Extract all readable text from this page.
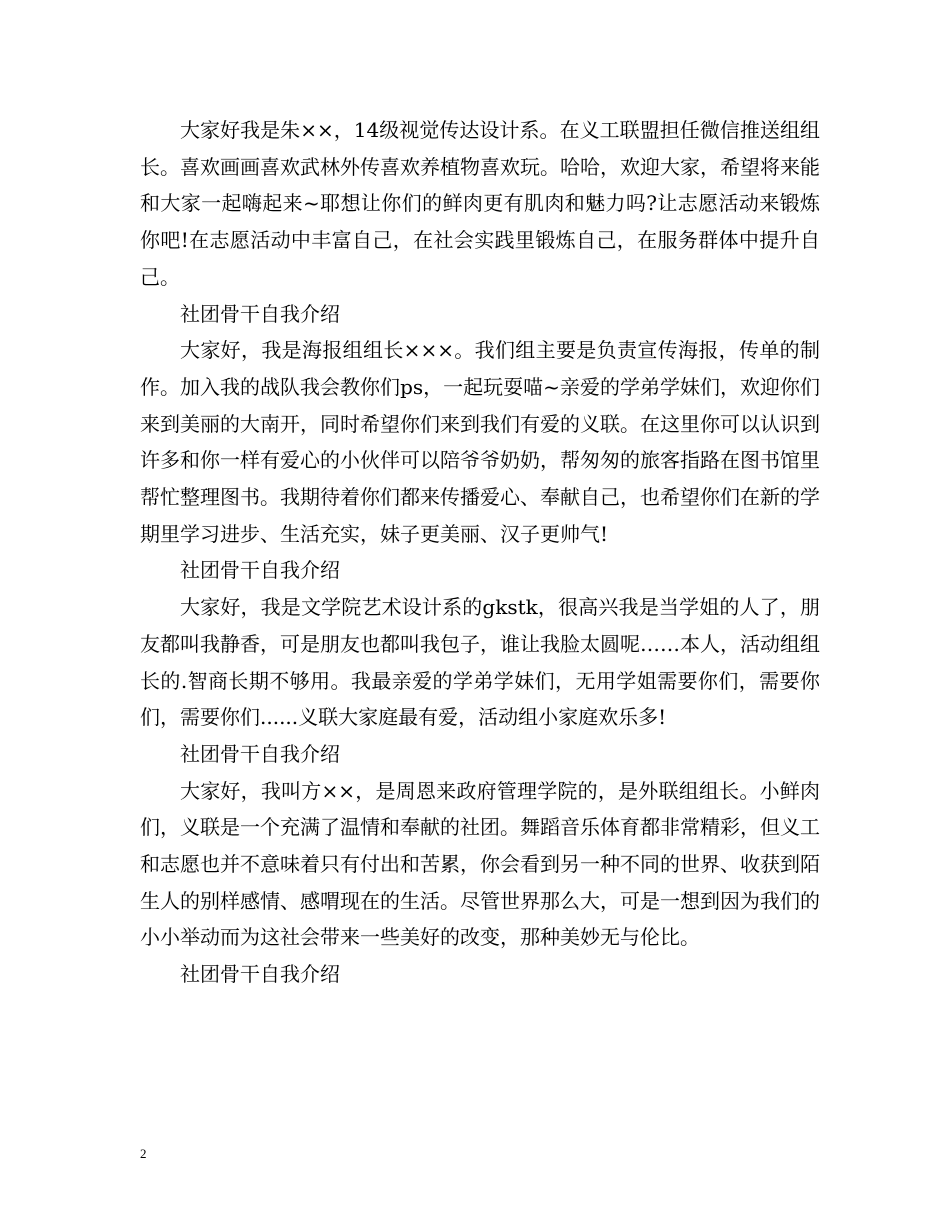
大家好我是朱××，14级视觉传达设计系。在义工联盟担任微信推送组组长。喜欢画画喜欢武林外传喜欢养植物喜欢玩。哈哈，欢迎大家，希望将来能和大家一起嗨起来~耶想让你们的鲜肉更有肌肉和魅力吗?让志愿活动来锻炼你吧!在志愿活动中丰富自己，在社会实践里锻炼自己，在服务群体中提升自己。

社团骨干自我介绍

大家好，我是海报组组长×××。我们组主要是负责宣传海报，传单的制作。加入我的战队我会教你们ps，一起玩耍喵~亲爱的学弟学妹们，欢迎你们来到美丽的大南开，同时希望你们来到我们有爱的义联。在这里你可以认识到许多和你一样有爱心的小伙伴可以陪爷爷奶奶，帮匆匆的旅客指路在图书馆里帮忙整理图书。我期待着你们都来传播爱心、奉献自己，也希望你们在新的学期里学习进步、生活充实，妹子更美丽、汉子更帅气!

社团骨干自我介绍

大家好，我是文学院艺术设计系的gkstk，很高兴我是当学姐的人了，朋友都叫我静香，可是朋友也都叫我包子，谁让我脸太圆呢……本人，活动组组长的.智商长期不够用。我最亲爱的学弟学妹们，无用学姐需要你们，需要你们，需要你们......义联大家庭最有爱，活动组小家庭欢乐多!

社团骨干自我介绍

大家好，我叫方××，是周恩来政府管理学院的，是外联组组长。小鲜肉们，义联是一个充满了温情和奉献的社团。舞蹈音乐体育都非常精彩，但义工和志愿也并不意味着只有付出和苦累，你会看到另一种不同的世界、收获到陌生人的别样感情、感喟现在的生活。尽管世界那么大，可是一想到因为我们的小小举动而为这社会带来一些美好的改变，那种美妙无与伦比。

社团骨干自我介绍

2
